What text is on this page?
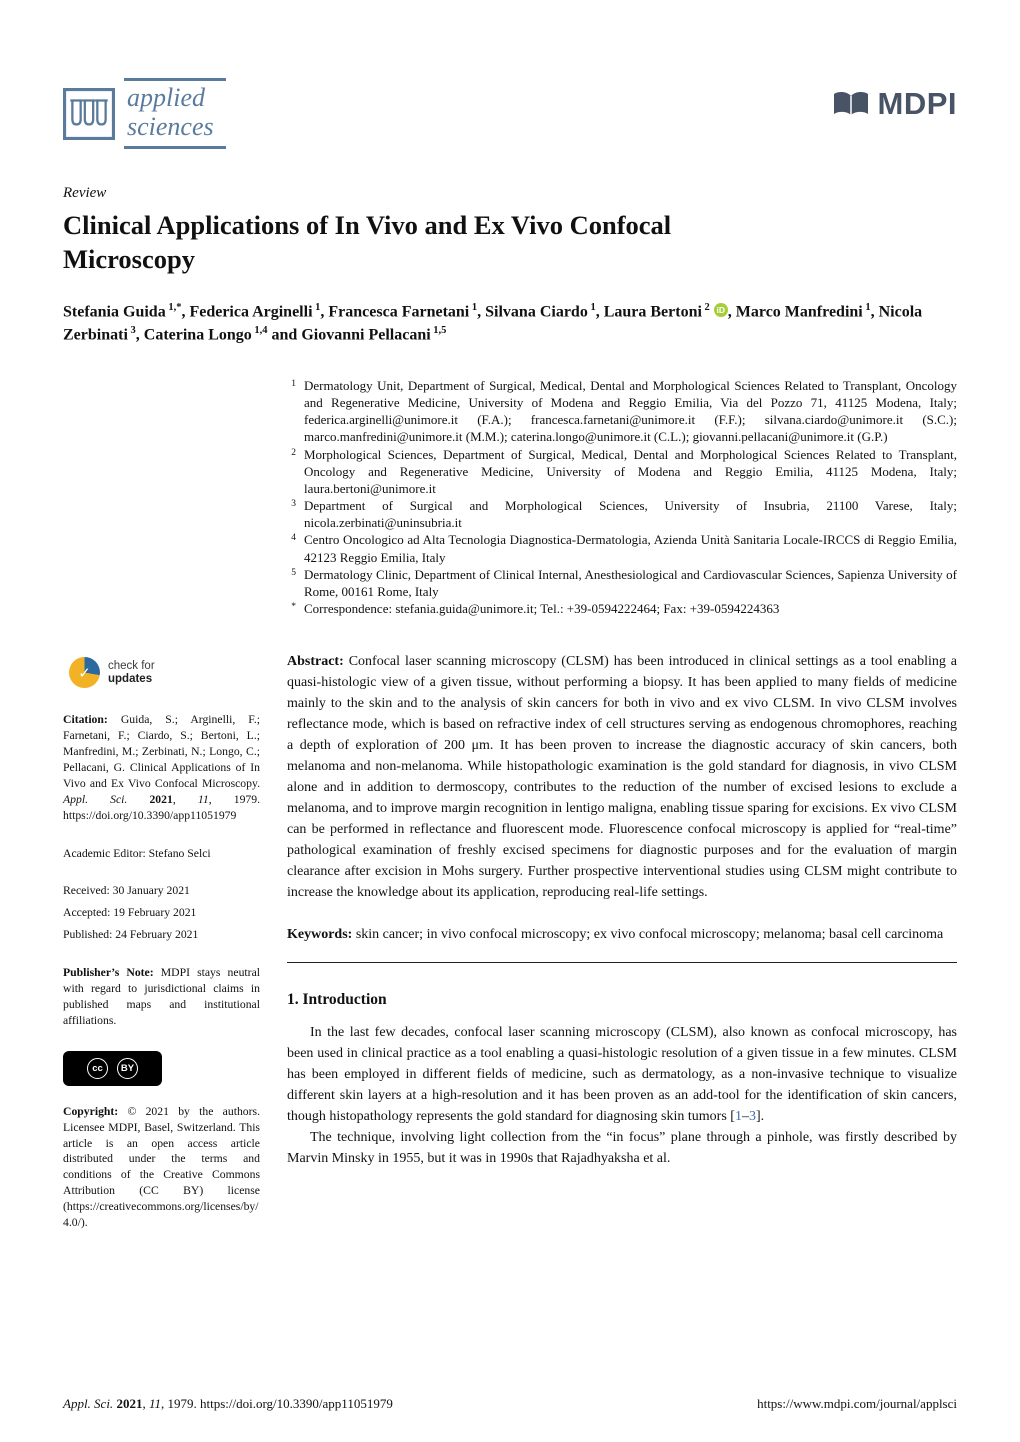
applied
sciences
MDPI
Review
Clinical Applications of In Vivo and Ex Vivo Confocal Microscopy

Stefania Guida $^{1,*}$, Federica Arginelli $^1$, Francesca Farnetani $^1$, Silvana Ciardo $^1$, Laura Bertoni $^2$ iD , Marco Manfredini $^1$, Nicola Zerbinati $^3$, Caterina Longo $^{1,4}$ and Giovanni Pellacani $^{1,5}$

1 Dermatology Unit, Department of Surgical, Medical, Dental and Morphological Sciences Related to Transplant, Oncology and Regenerative Medicine, University of Modena and Reggio Emilia, Via del Pozzo 71, 41125 Modena, Italy; federica.arginelli@unimore.it (F.A.); francesca.farnetani@unimore.it (F.F.); silvana.ciardo@unimore.it (S.C.); marco.manfredini@unimore.it (M.M.); caterina.longo@unimore.it (C.L.); giovanni.pellacani@unimore.it (G.P.)
2 Morphological Sciences, Department of Surgical, Medical, Dental and Morphological Sciences Related to Transplant, Oncology and Regenerative Medicine, University of Modena and Reggio Emilia, 41125 Modena, Italy; laura.bertoni@unimore.it
3 Department of Surgical and Morphological Sciences, University of Insubria, 21100 Varese, Italy; nicola.zerbinati@uninsubria.it
4 Centro Oncologico ad Alta Tecnologia Diagnostica-Dermatologia, Azienda Unità Sanitaria Locale-IRCCS di Reggio Emilia, 42123 Reggio Emilia, Italy
5 Dermatology Clinic, Department of Clinical Internal, Anesthesiological and Cardiovascular Sciences, Sapienza University of Rome, 00161 Rome, Italy
* Correspondence: stefania.guida@unimore.it; Tel.: +39-0594222464; Fax: +39-0594224363
✓ check for
updates

Citation: Guida, S.; Arginelli, F.; Farnetani, F.; Ciardo, S.; Bertoni, L.; Manfredini, M.; Zerbinati, N.; Longo, C.; Pellacani, G. Clinical Applications of In Vivo and Ex Vivo Confocal Microscopy. Appl. Sci. 2021, 11, 1979. https://doi.org/10.3390/app11051979

Academic Editor: Stefano Selci

Received: 30 January 2021
Accepted: 19 February 2021
Published: 24 February 2021

Publisher’s Note: MDPI stays neutral with regard to jurisdictional claims in published maps and institutional affiliations.

cc	BY

Copyright: © 2021 by the authors. Licensee MDPI, Basel, Switzerland. This article is an open access article distributed under the terms and conditions of the Creative Commons Attribution (CC BY) license (https://creativecommons.org/licenses/by/4.0/).

Abstract: Confocal laser scanning microscopy (CLSM) has been introduced in clinical settings as a tool enabling a quasi-histologic view of a given tissue, without performing a biopsy. It has been applied to many fields of medicine mainly to the skin and to the analysis of skin cancers for both in vivo and ex vivo CLSM. In vivo CLSM involves reflectance mode, which is based on refractive index of cell structures serving as endogenous chromophores, reaching a depth of exploration of 200 μm. It has been proven to increase the diagnostic accuracy of skin cancers, both melanoma and non-melanoma. While histopathologic examination is the gold standard for diagnosis, in vivo CLSM alone and in addition to dermoscopy, contributes to the reduction of the number of excised lesions to exclude a melanoma, and to improve margin recognition in lentigo maligna, enabling tissue sparing for excisions. Ex vivo CLSM can be performed in reflectance and fluorescent mode. Fluorescence confocal microscopy is applied for “real-time” pathological examination of freshly excised specimens for diagnostic purposes and for the evaluation of margin clearance after excision in Mohs surgery. Further prospective interventional studies using CLSM might contribute to increase the knowledge about its application, reproducing real-life settings.

Keywords: skin cancer; in vivo confocal microscopy; ex vivo confocal microscopy; melanoma; basal cell carcinoma

1. Introduction

In the last few decades, confocal laser scanning microscopy (CLSM), also known as confocal microscopy, has been used in clinical practice as a tool enabling a quasi-histologic resolution of a given tissue in a few minutes. CLSM has been employed in different fields of medicine, such as dermatology, as a non-invasive technique to visualize different skin layers at a high-resolution and it has been proven as an add-tool for the identification of skin cancers, though histopathology represents the gold standard for diagnosing skin tumors [1–3].

The technique, involving light collection from the “in focus” plane through a pinhole, was firstly described by Marvin Minsky in 1955, but it was in 1990s that Rajadhyaksha et al.

Appl. Sci. 2021, 11, 1979. https://doi.org/10.3390/app11051979	https://www.mdpi.com/journal/applsci
